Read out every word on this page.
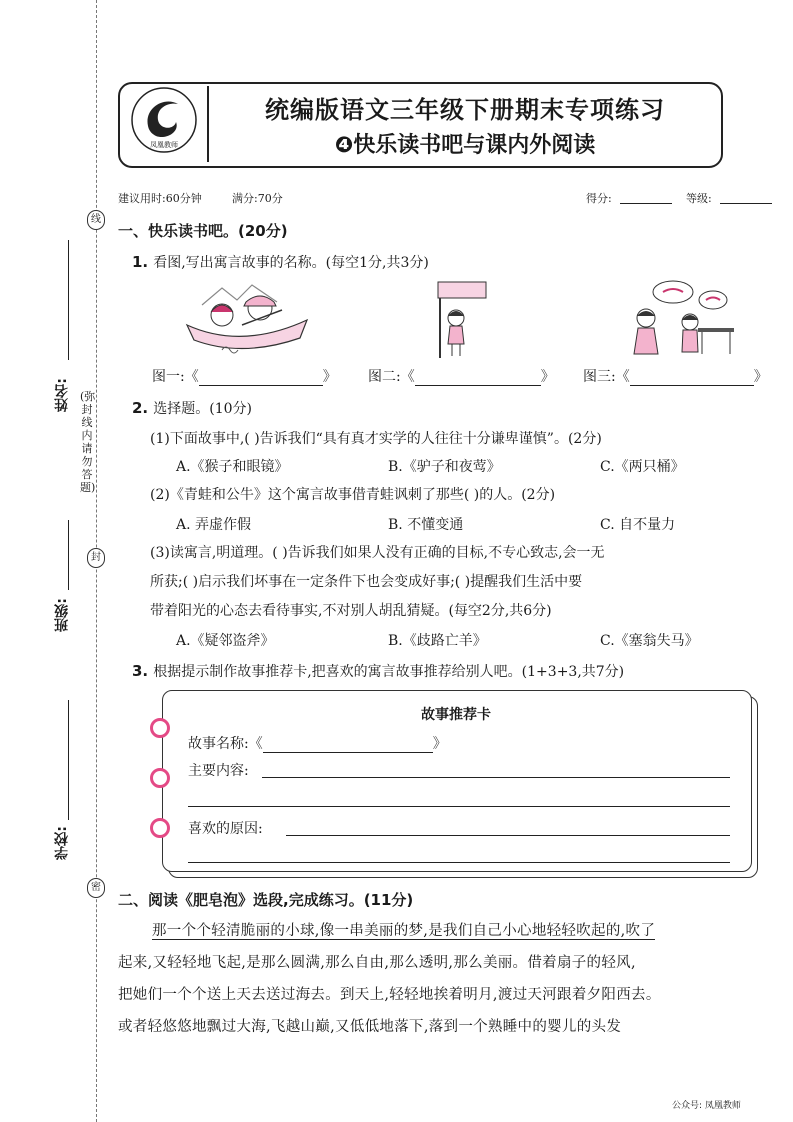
线
封
密
姓名:
班级:
学校:
(弥封线内请勿答题)
凤凰教师
统编版语文三年级下册期末专项练习
❹快乐读书吧与课内外阅读
建议用时:60分钟	满分:70分	得分:	等级:
一、快乐读书吧。(20分)
1. 看图,写出寓言故事的名称。(每空1分,共3分)
图一:《	》 图二:《	》 图三:《	》
2. 选择题。(10分)
(1)下面故事中,( )告诉我们“具有真才实学的人往往十分谦卑谨慎”。(2分)
A.《猴子和眼镜》	B.《驴子和夜莺》	C.《两只桶》
(2)《青蛙和公牛》这个寓言故事借青蛙讽刺了那些( )的人。(2分)
A. 弄虚作假	B. 不懂变通	C. 自不量力
(3)读寓言,明道理。( )告诉我们如果人没有正确的目标,不专心致志,会一无
所获;( )启示我们坏事在一定条件下也会变成好事;( )提醒我们生活中要
带着阳光的心态去看待事实,不对别人胡乱猜疑。(每空2分,共6分)
A.《疑邻盗斧》	B.《歧路亡羊》	C.《塞翁失马》
3. 根据提示制作故事推荐卡,把喜欢的寓言故事推荐给别人吧。(1+3+3,共7分)
故事推荐卡
故事名称:《	》
主要内容:
喜欢的原因:
二、阅读《肥皂泡》选段,完成练习。(11分)
那一个个轻清脆丽的小球,像一串美丽的梦,是我们自己小心地轻轻吹起的,吹了
起来,又轻轻地飞起,是那么圆满,那么自由,那么透明,那么美丽。借着扇子的轻风,
把她们一个个送上天去送过海去。到天上,轻轻地挨着明月,渡过天河跟着夕阳西去。
或者轻悠悠地飘过大海,飞越山巅,又低低地落下,落到一个熟睡中的婴儿的头发
公众号: 凤凰教师
